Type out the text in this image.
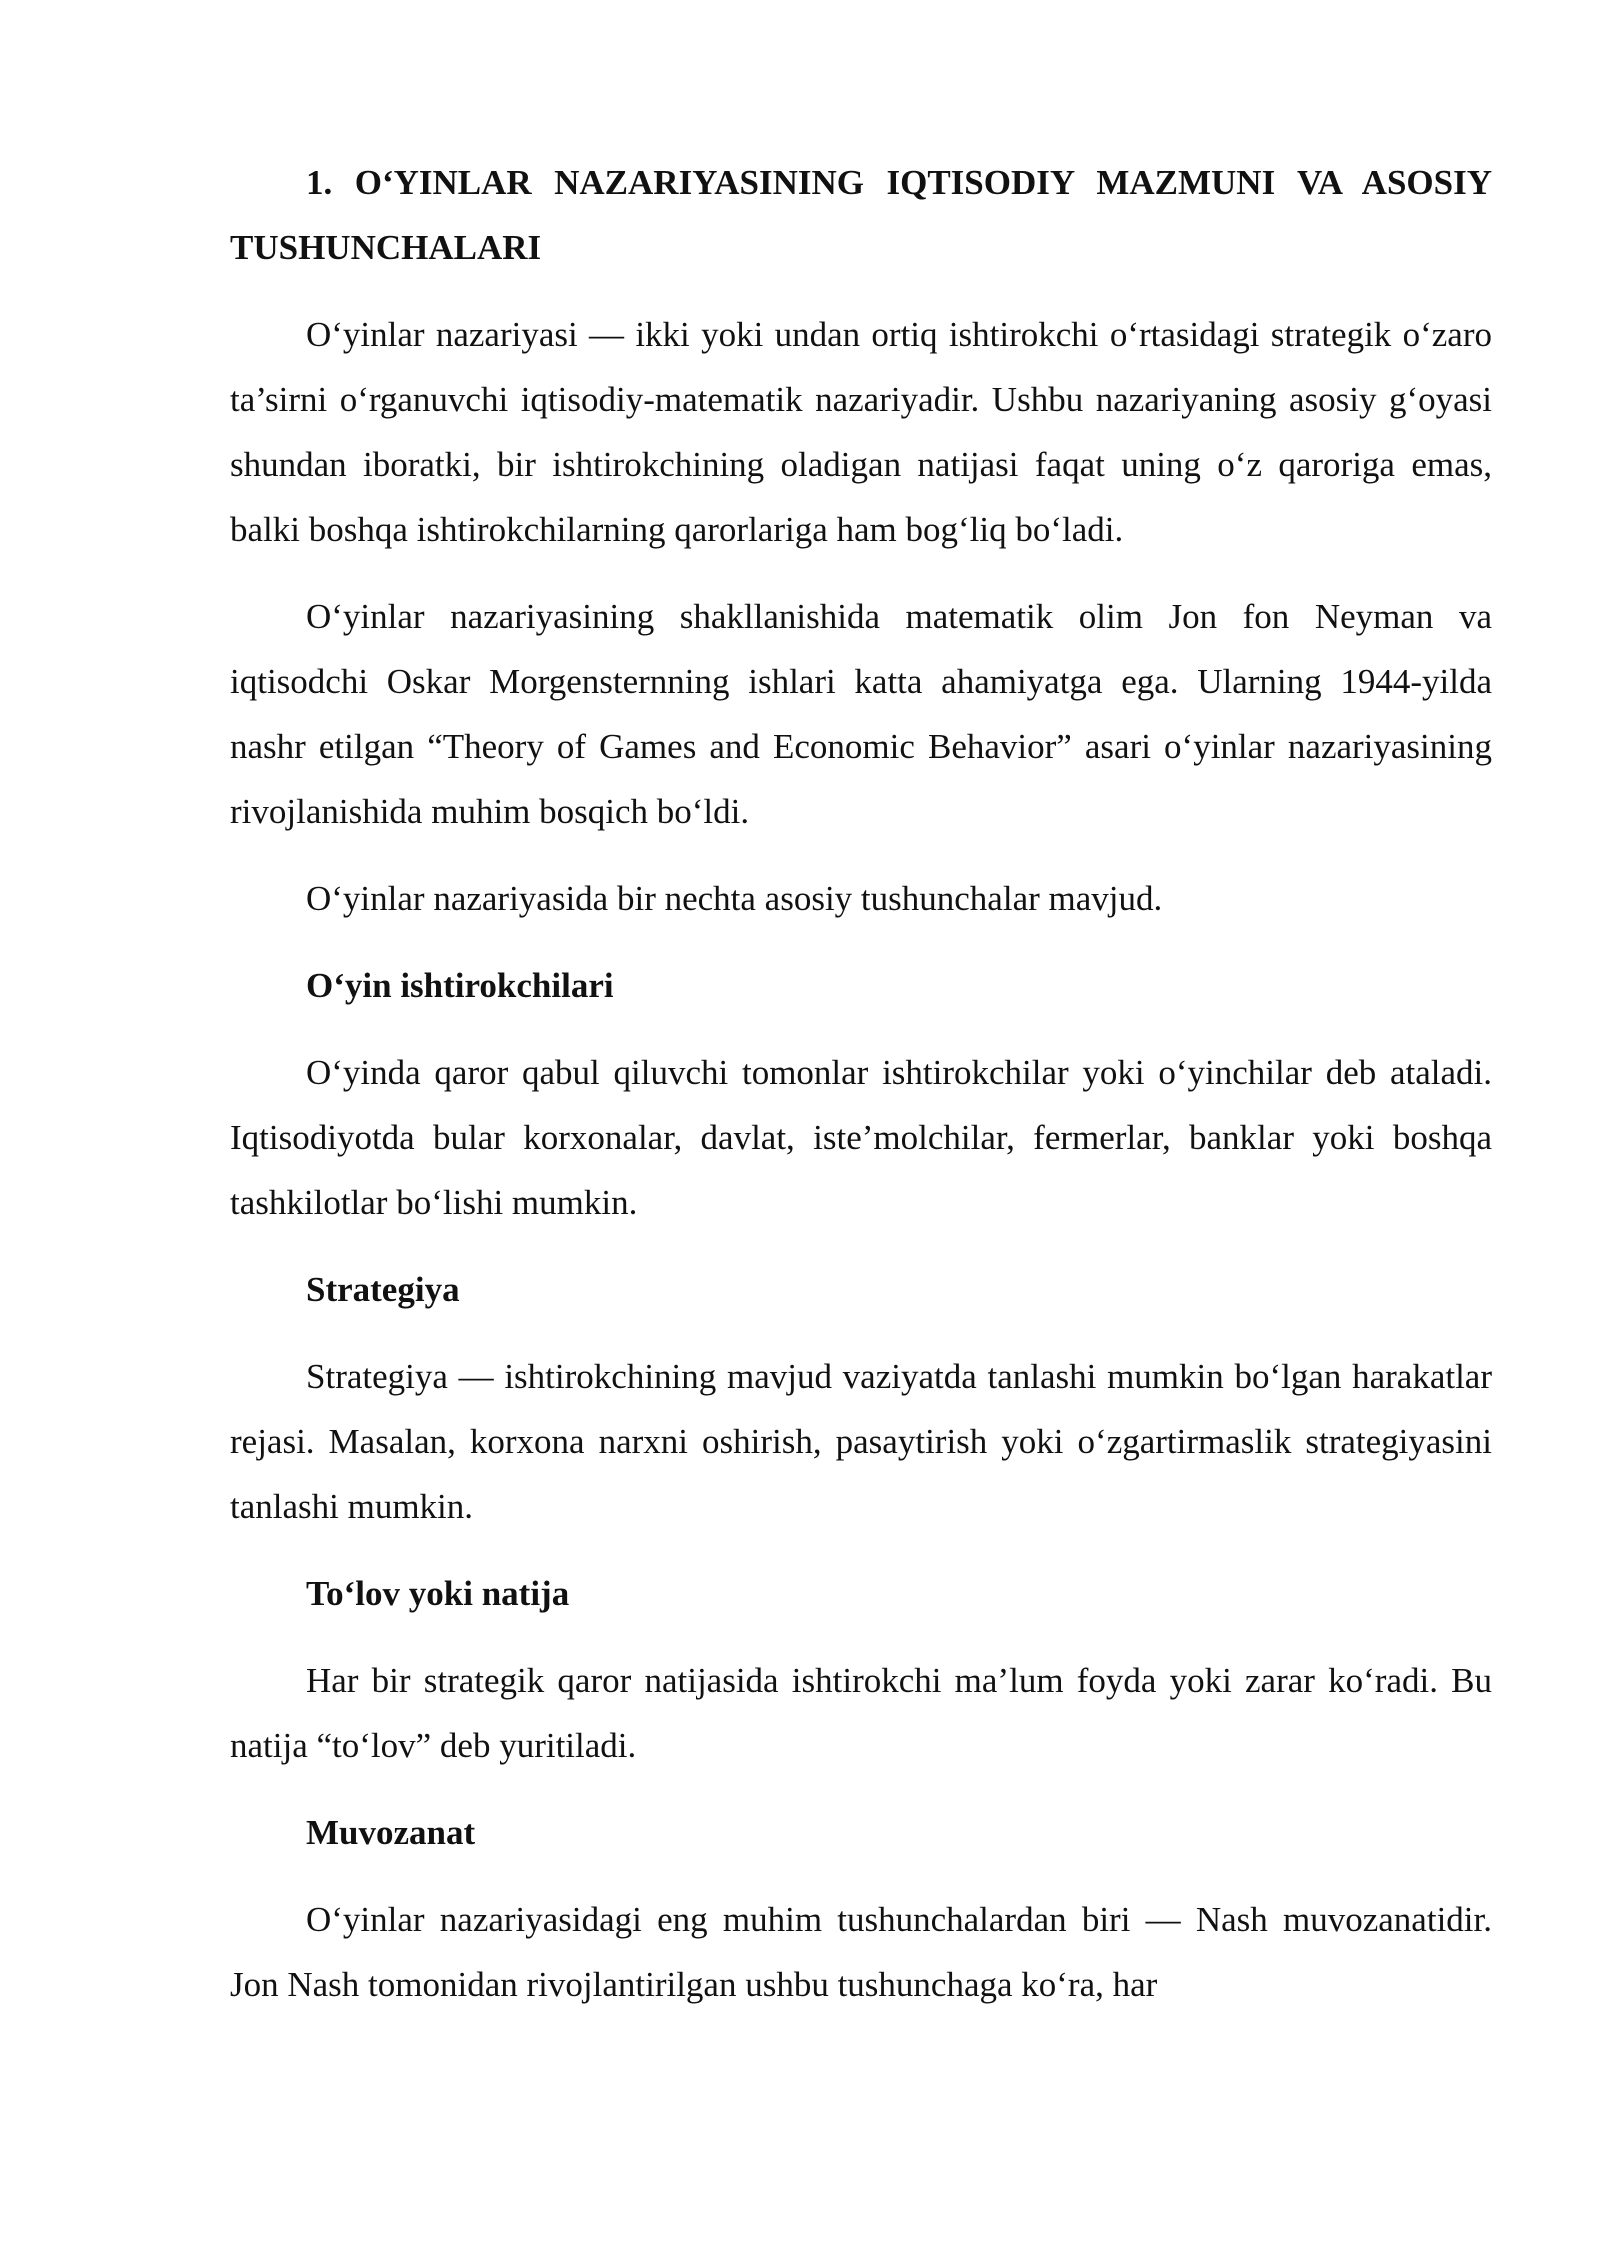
1. O‘YINLAR NAZARIYASINING IQTISODIY MAZMUNI VA ASOSIY TUSHUNCHALARI

O‘yinlar nazariyasi — ikki yoki undan ortiq ishtirokchi o‘rtasidagi strategik o‘zaro ta’sirni o‘rganuvchi iqtisodiy-matematik nazariyadir. Ushbu nazariyaning asosiy g‘oyasi shundan iboratki, bir ishtirokchining oladigan natijasi faqat uning o‘z qaroriga emas, balki boshqa ishtirokchilarning qarorlariga ham bog‘liq bo‘ladi.

O‘yinlar nazariyasining shakllanishida matematik olim Jon fon Neyman va iqtisodchi Oskar Morgensternning ishlari katta ahamiyatga ega. Ularning 1944-yilda nashr etilgan “Theory of Games and Economic Behavior” asari o‘yinlar nazariyasining rivojlanishida muhim bosqich bo‘ldi.

O‘yinlar nazariyasida bir nechta asosiy tushunchalar mavjud.

O‘yin ishtirokchilari

O‘yinda qaror qabul qiluvchi tomonlar ishtirokchilar yoki o‘yinchilar deb ataladi. Iqtisodiyotda bular korxonalar, davlat, iste’molchilar, fermerlar, banklar yoki boshqa tashkilotlar bo‘lishi mumkin.

Strategiya

Strategiya — ishtirokchining mavjud vaziyatda tanlashi mumkin bo‘lgan harakatlar rejasi. Masalan, korxona narxni oshirish, pasaytirish yoki o‘zgartirmaslik strategiyasini tanlashi mumkin.

To‘lov yoki natija

Har bir strategik qaror natijasida ishtirokchi ma’lum foyda yoki zarar ko‘radi. Bu natija “to‘lov” deb yuritiladi.

Muvozanat

O‘yinlar nazariyasidagi eng muhim tushunchalardan biri — Nash muvozanatidir. Jon Nash tomonidan rivojlantirilgan ushbu tushunchaga ko‘ra, har
